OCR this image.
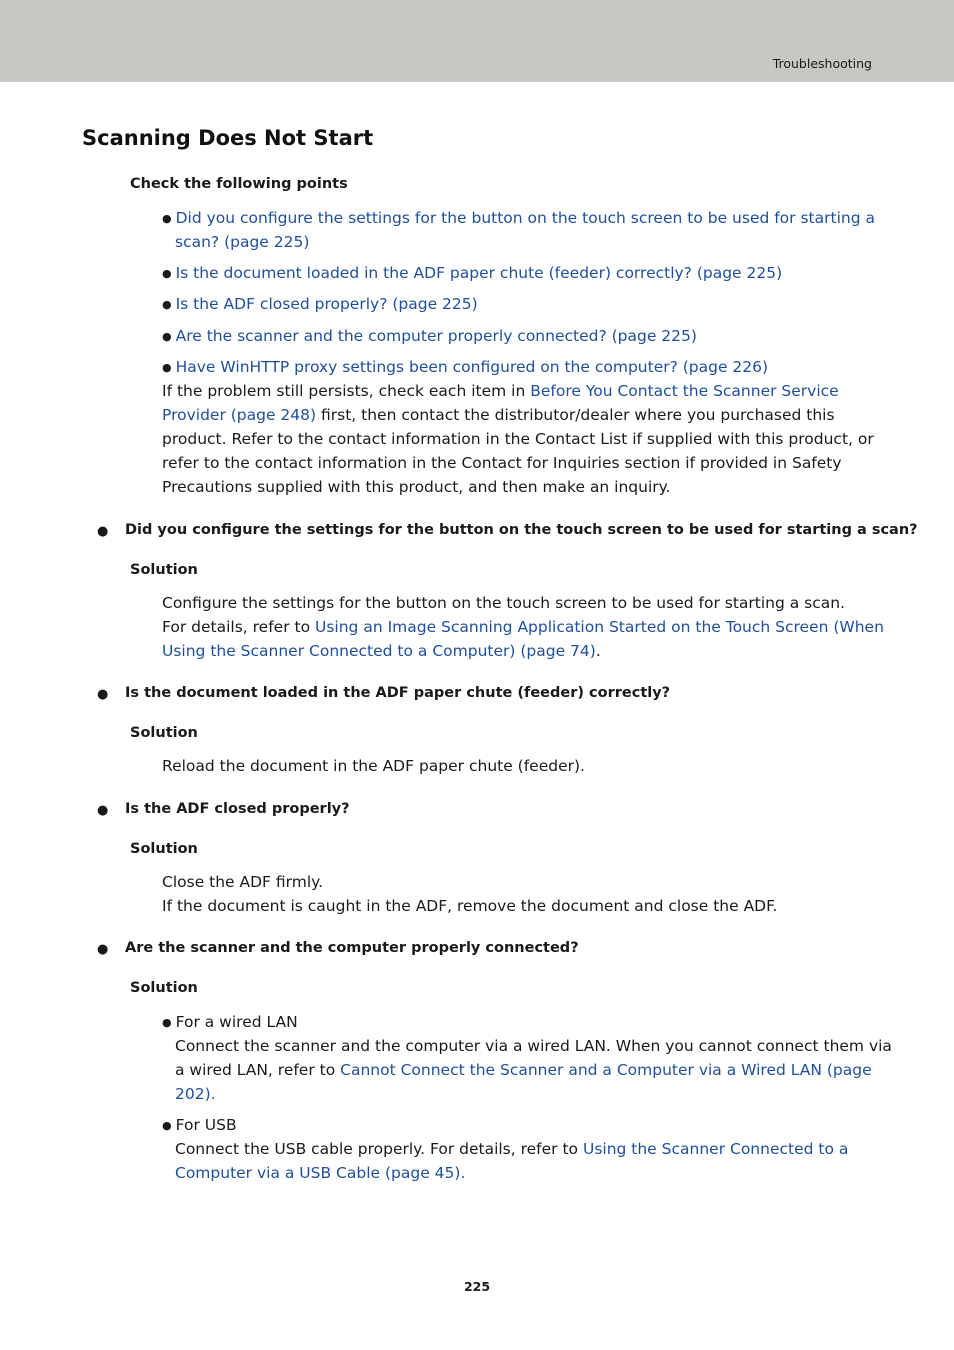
Troubleshooting
Scanning Does Not Start
Check the following points
● Did you configure the settings for the button on the touch screen to be used for starting a
scan? (page 225)
● Is the document loaded in the ADF paper chute (feeder) correctly? (page 225)
● Is the ADF closed properly? (page 225)
● Are the scanner and the computer properly connected? (page 225)
● Have WinHTTP proxy settings been configured on the computer? (page 226)
If the problem still persists, check each item in Before You Contact the Scanner Service
Provider (page 248) first, then contact the distributor/dealer where you purchased this
product. Refer to the contact information in the Contact List if supplied with this product, or
refer to the contact information in the Contact for Inquiries section if provided in Safety
Precautions supplied with this product, and then make an inquiry.
● Did you configure the settings for the button on the touch screen to be used for starting a scan?
Solution
Configure the settings for the button on the touch screen to be used for starting a scan.
For details, refer to Using an Image Scanning Application Started on the Touch Screen (When
Using the Scanner Connected to a Computer) (page 74).
● Is the document loaded in the ADF paper chute (feeder) correctly?
Solution
Reload the document in the ADF paper chute (feeder).
● Is the ADF closed properly?
Solution
Close the ADF firmly.
If the document is caught in the ADF, remove the document and close the ADF.
● Are the scanner and the computer properly connected?
Solution
● For a wired LAN
Connect the scanner and the computer via a wired LAN. When you cannot connect them via
a wired LAN, refer to Cannot Connect the Scanner and a Computer via a Wired LAN (page
202).
● For USB
Connect the USB cable properly. For details, refer to Using the Scanner Connected to a
Computer via a USB Cable (page 45).
225
